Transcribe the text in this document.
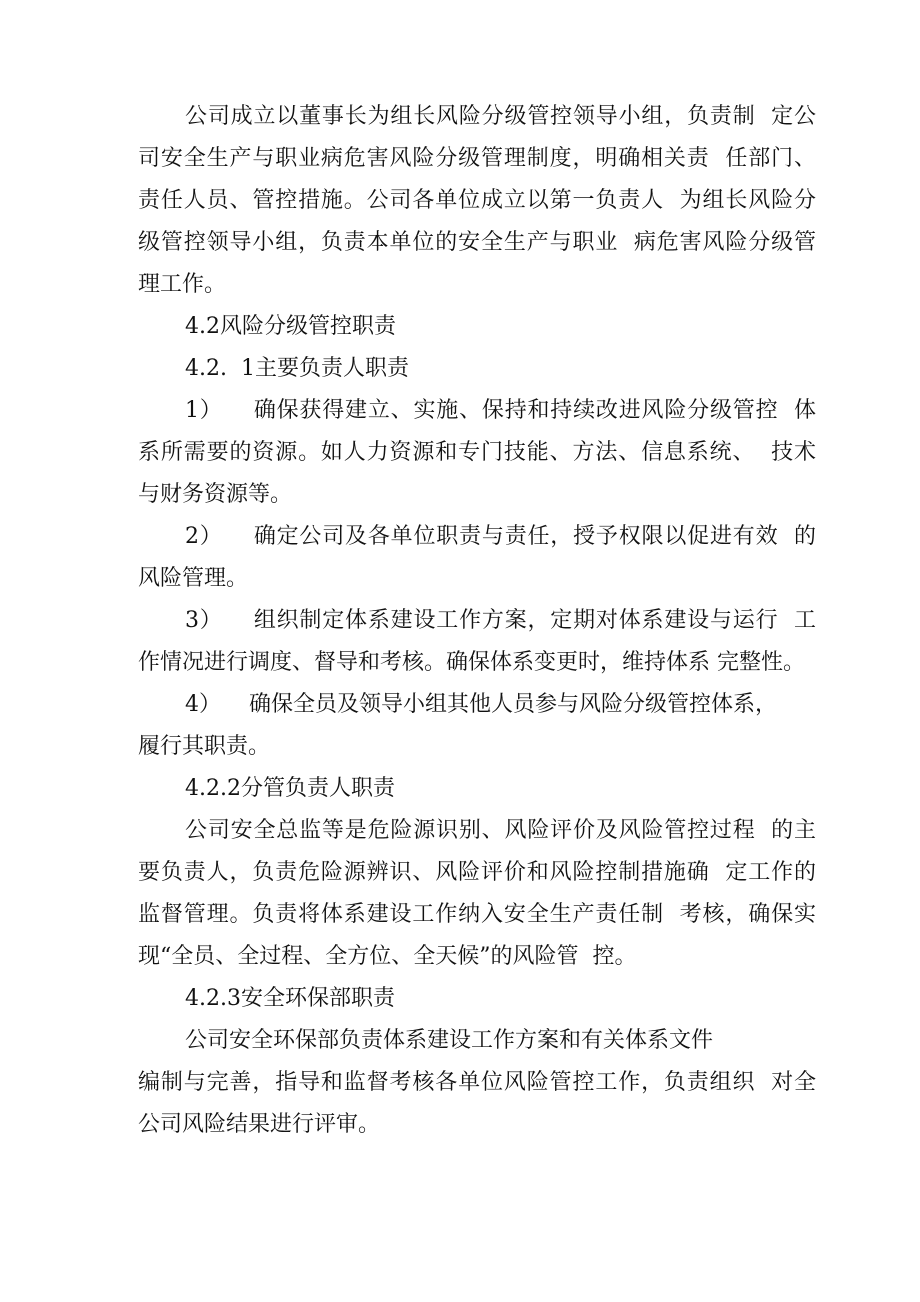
公司成立以董事长为组长风险分级管控领导小组，负责制  定公
司安全生产与职业病危害风险分级管理制度，明确相关责  任部门、
责任人员、管控措施。公司各单位成立以第一负责人  为组长风险分
级管控领导小组，负责本单位的安全生产与职业  病危害风险分级管
理工作。
4.2风险分级管控职责
4.2.  1主要负责人职责
1）    确保获得建立、实施、保持和持续改进风险分级管控  体
系所需要的资源。如人力资源和专门技能、方法、信息系统、  技术
与财务资源等。
2）    确定公司及各单位职责与责任，授予权限以促进有效  的
风险管理。
3）    组织制定体系建设工作方案，定期对体系建设与运行  工
作情况进行调度、督导和考核。确保体系变更时，维持体系 完整性。
4）    确保全员及领导小组其他人员参与风险分级管控体系，
履行其职责。
4.2.2分管负责人职责
公司安全总监等是危险源识别、风险评价及风险管控过程  的主
要负责人，负责危险源辨识、风险评价和风险控制措施确  定工作的
监督管理。负责将体系建设工作纳入安全生产责任制  考核，确保实
现“全员、全过程、全方位、全天候”的风险管  控。
4.2.3安全环保部职责
公司安全环保部负责体系建设工作方案和有关体系文件
编制与完善，指导和监督考核各单位风险管控工作，负责组织  对全
公司风险结果进行评审。
